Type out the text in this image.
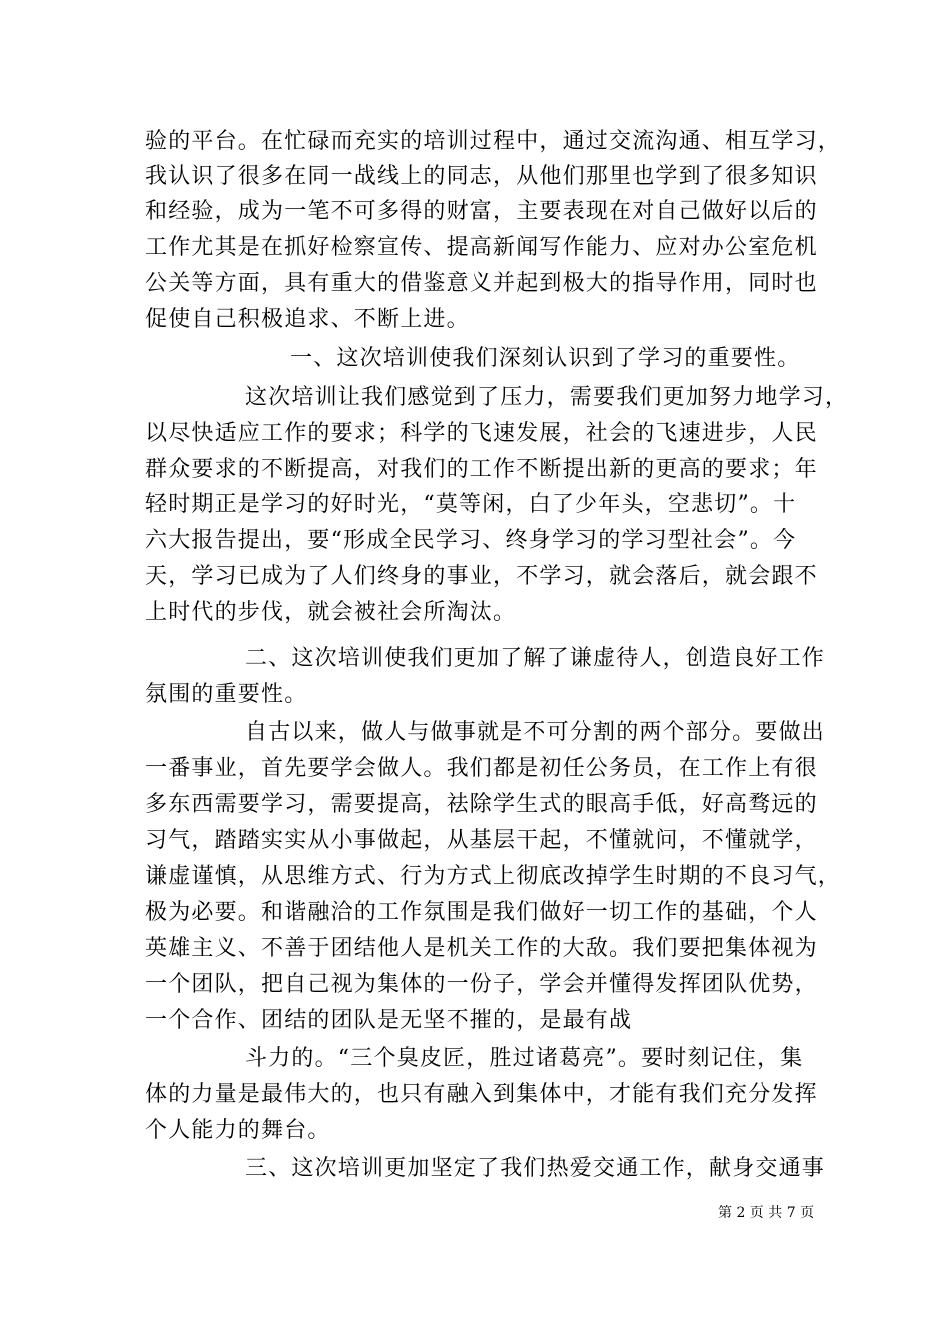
验的平台。在忙碌而充实的培训过程中，通过交流沟通、相互学习，
我认识了很多在同一战线上的同志，从他们那里也学到了很多知识
和经验，成为一笔不可多得的财富，主要表现在对自己做好以后的
工作尤其是在抓好检察宣传、提高新闻写作能力、应对办公室危机
公关等方面，具有重大的借鉴意义并起到极大的指导作用，同时也
促使自己积极追求、不断上进。
一、这次培训使我们深刻认识到了学习的重要性。
这次培训让我们感觉到了压力，需要我们更加努力地学习，
以尽快适应工作的要求；科学的飞速发展，社会的飞速进步，人民
群众要求的不断提高，对我们的工作不断提出新的更高的要求；年
轻时期正是学习的好时光，“莫等闲，白了少年头，空悲切”。十
六大报告提出，要“形成全民学习、终身学习的学习型社会”。今
天，学习已成为了人们终身的事业，不学习，就会落后，就会跟不
上时代的步伐，就会被社会所淘汰。
二、这次培训使我们更加了解了谦虚待人，创造良好工作
氛围的重要性。
自古以来，做人与做事就是不可分割的两个部分。要做出
一番事业，首先要学会做人。我们都是初任公务员，在工作上有很
多东西需要学习，需要提高，祛除学生式的眼高手低，好高骛远的
习气，踏踏实实从小事做起，从基层干起，不懂就问，不懂就学，
谦虚谨慎，从思维方式、行为方式上彻底改掉学生时期的不良习气，
极为必要。和谐融洽的工作氛围是我们做好一切工作的基础，个人
英雄主义、不善于团结他人是机关工作的大敌。我们要把集体视为
一个团队，把自己视为集体的一份子，学会并懂得发挥团队优势，
一个合作、团结的团队是无坚不摧的，是最有战
斗力的。“三个臭皮匠，胜过诸葛亮”。要时刻记住，集
体的力量是最伟大的，也只有融入到集体中，才能有我们充分发挥
个人能力的舞台。
三、这次培训更加坚定了我们热爱交通工作，献身交通事
第 2 页 共 7 页
